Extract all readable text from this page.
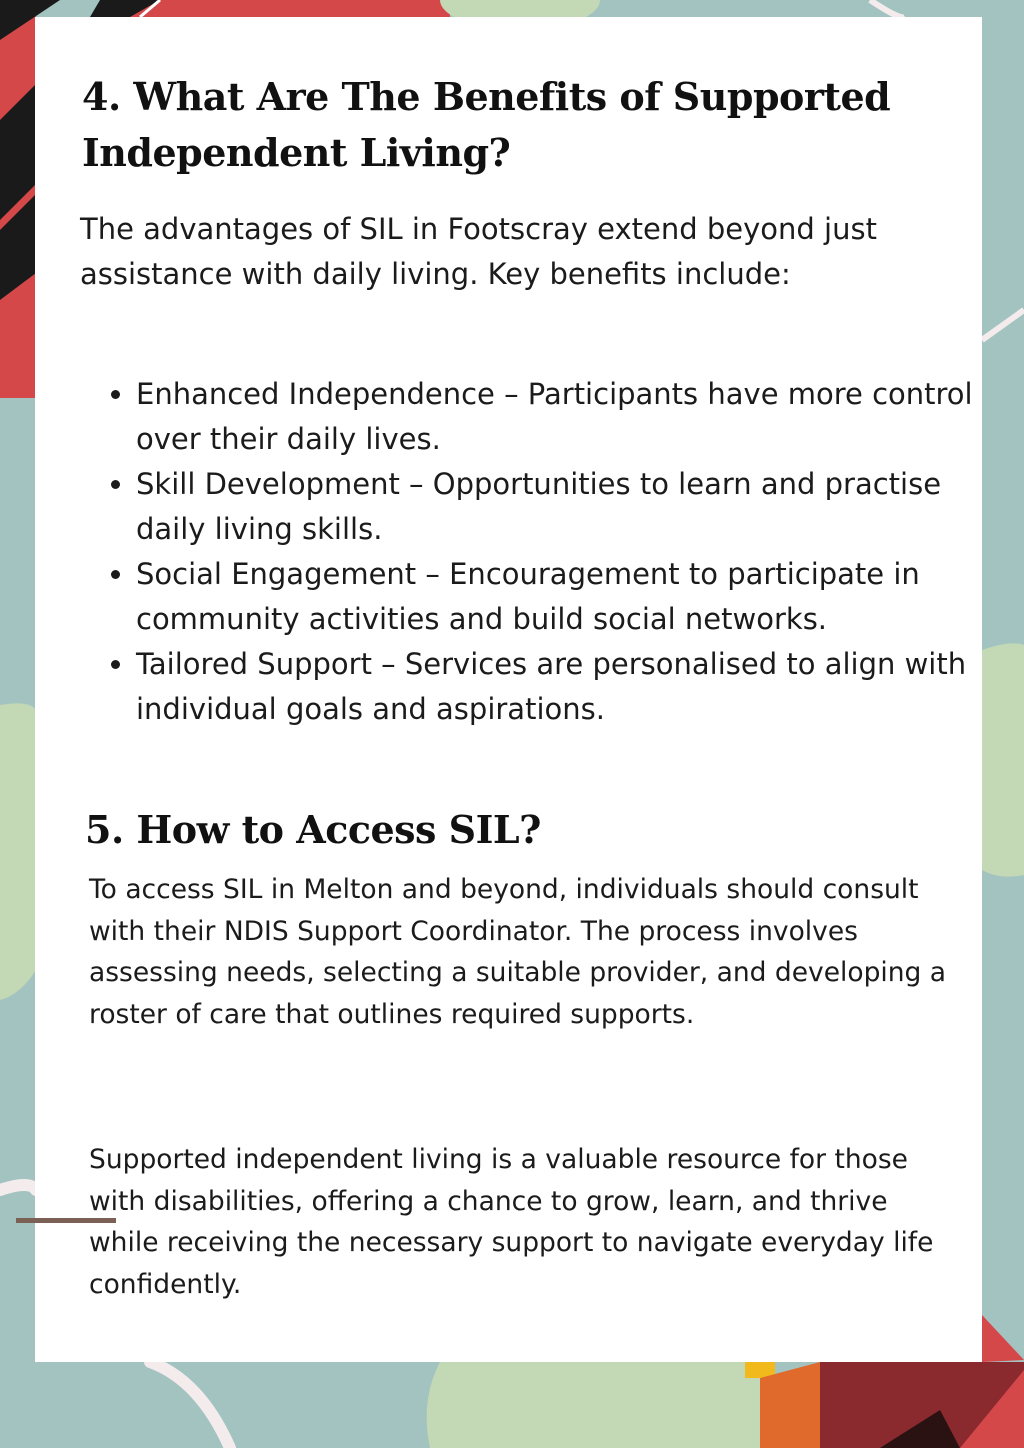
4. What Are The Benefits of Supported Independent Living?

The advantages of SIL in Footscray extend beyond just assistance with daily living. Key benefits include:

• Enhanced Independence – Participants have more control over their daily lives.
• Skill Development – Opportunities to learn and practise daily living skills.
• Social Engagement – Encouragement to participate in community activities and build social networks.
• Tailored Support – Services are personalised to align with individual goals and aspirations.
5. How to Access SIL?

To access SIL in Melton and beyond, individuals should consult with their NDIS Support Coordinator. The process involves assessing needs, selecting a suitable provider, and developing a roster of care that outlines required supports.

Supported independent living is a valuable resource for those with disabilities, offering a chance to grow, learn, and thrive while receiving the necessary support to navigate everyday life confidently.
